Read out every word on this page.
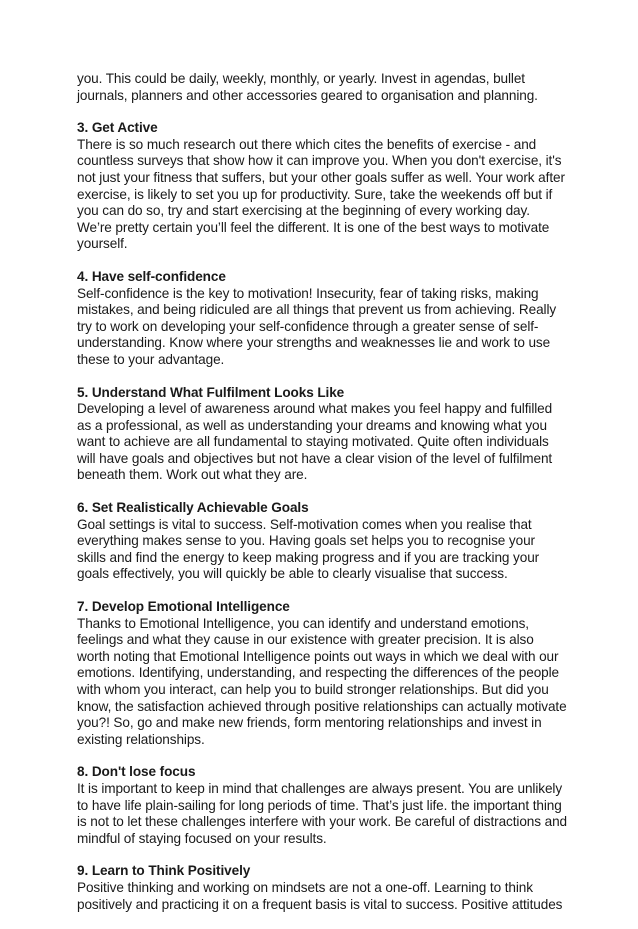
you. This could be daily, weekly, monthly, or yearly. Invest in agendas, bullet journals, planners and other accessories geared to organisation and planning.

3. Get Active

There is so much research out there which cites the benefits of exercise - and countless surveys that show how it can improve you. When you don't exercise, it's not just your fitness that suffers, but your other goals suffer as well. Your work after exercise, is likely to set you up for productivity. Sure, take the weekends off but if you can do so, try and start exercising at the beginning of every working day. We’re pretty certain you’ll feel the different. It is one of the best ways to motivate yourself.

4. Have self-confidence

Self-confidence is the key to motivation! Insecurity, fear of taking risks, making mistakes, and being ridiculed are all things that prevent us from achieving. Really try to work on developing your self-confidence through a greater sense of self-understanding. Know where your strengths and weaknesses lie and work to use these to your advantage.

5. Understand What Fulfilment Looks Like

Developing a level of awareness around what makes you feel happy and fulfilled as a professional, as well as understanding your dreams and knowing what you want to achieve are all fundamental to staying motivated. Quite often individuals will have goals and objectives but not have a clear vision of the level of fulfilment beneath them. Work out what they are.

6. Set Realistically Achievable Goals

Goal settings is vital to success. Self-motivation comes when you realise that everything makes sense to you. Having goals set helps you to recognise your skills and find the energy to keep making progress and if you are tracking your goals effectively, you will quickly be able to clearly visualise that success.

7. Develop Emotional Intelligence

Thanks to Emotional Intelligence, you can identify and understand emotions, feelings and what they cause in our existence with greater precision. It is also worth noting that Emotional Intelligence points out ways in which we deal with our emotions. Identifying, understanding, and respecting the differences of the people with whom you interact, can help you to build stronger relationships. But did you know, the satisfaction achieved through positive relationships can actually motivate you?! So, go and make new friends, form mentoring relationships and invest in existing relationships.

8. Don't lose focus

It is important to keep in mind that challenges are always present. You are unlikely to have life plain-sailing for long periods of time. That’s just life. the important thing is not to let these challenges interfere with your work. Be careful of distractions and mindful of staying focused on your results.

9. Learn to Think Positively

Positive thinking and working on mindsets are not a one-off. Learning to think positively and practicing it on a frequent basis is vital to success. Positive attitudes
